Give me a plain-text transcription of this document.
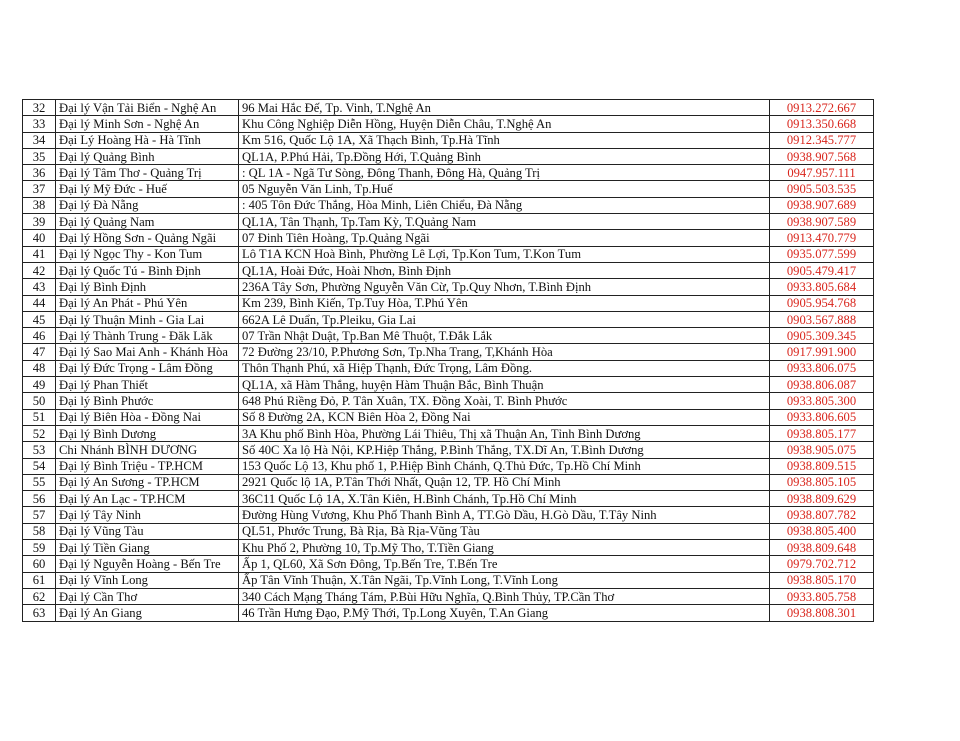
32	Đại lý Vận Tải Biển - Nghệ An	96 Mai Hắc Đế, Tp. Vinh, T.Nghệ An	0913.272.667
33	Đại lý Minh Sơn - Nghệ An	Khu Công Nghiệp Diễn Hồng, Huyện Diễn Châu, T.Nghệ An	0913.350.668
34	Đại Lý Hoàng Hà - Hà Tĩnh	Km 516, Quốc Lộ 1A, Xã Thạch Bình, Tp.Hà Tĩnh	0912.345.777
35	Đại lý Quảng Bình	QL1A, P.Phú Hải, Tp.Đồng Hới, T.Quảng Bình	0938.907.568
36	Đại lý Tâm Thơ - Quảng Trị	: QL 1A - Ngã Tư Sòng, Đông Thanh, Đông Hà, Quảng Trị	0947.957.111
37	Đại lý Mỹ Đức - Huế	05 Nguyễn Văn Linh, Tp.Huế	0905.503.535
38	Đại lý Đà Nẵng	: 405 Tôn Đức Thắng, Hòa Minh, Liên Chiểu, Đà Nẵng	0938.907.689
39	Đại lý Quảng Nam	QL1A, Tân Thạnh, Tp.Tam Kỳ, T.Quảng Nam	0938.907.589
40	Đại lý Hồng Sơn - Quảng Ngãi	07 Đinh Tiên Hoàng, Tp.Quảng Ngãi	0913.470.779
41	Đại lý Ngọc Thy - Kon Tum	Lô T1A KCN Hoà Bình, Phường Lê Lợi, Tp.Kon Tum, T.Kon Tum	0935.077.599
42	Đại lý Quốc Tú - Bình Định	QL1A, Hoài Đức, Hoài Nhơn, Bình Định	0905.479.417
43	Đại lý Bình Định	236A Tây Sơn, Phường Nguyễn Văn Cừ, Tp.Quy Nhơn, T.Bình Định	0933.805.684
44	Đại lý An Phát - Phú Yên	Km 239, Bình Kiến, Tp.Tuy Hòa, T.Phú Yên	0905.954.768
45	Đại lý Thuận Minh - Gia Lai	662A Lê Duẩn, Tp.Pleiku, Gia Lai	0903.567.888
46	Đại lý Thành Trung - Đăk Lăk	07 Trần Nhật Duật, Tp.Ban Mê Thuột, T.Đắk Lắk	0905.309.345
47	Đại lý Sao Mai Anh - Khánh Hòa	72 Đường 23/10, P.Phương Sơn, Tp.Nha Trang, T,Khánh Hòa	0917.991.900
48	Đại lý Đức Trọng - Lâm Đồng	Thôn Thạnh Phú, xã Hiệp Thạnh, Đức Trọng, Lâm Đồng.	0933.806.075
49	Đại lý Phan Thiết	QL1A, xã Hàm Thắng, huyện Hàm Thuận Bắc, Bình Thuận	0938.806.087
50	Đại lý Bình Phước	648 Phú Riềng Đỏ, P. Tân Xuân, TX. Đồng Xoài, T. Bình Phước	0933.805.300
51	Đại lý Biên Hòa - Đồng Nai	Số 8 Đường 2A, KCN Biên Hòa 2, Đồng Nai	0933.806.605
52	Đại lý Bình Dương	3A Khu phố Bình Hòa, Phường Lái Thiêu, Thị xã Thuận An, Tỉnh Bình Dương	0938.805.177
53	Chi Nhánh BÌNH DƯƠNG	Số 40C Xa lộ Hà Nội, KP.Hiệp Thắng, P.Bình Thắng, TX.Dĩ An, T.Bình Dương	0938.905.075
54	Đại lý Bình Triệu - TP.HCM	153 Quốc Lộ 13, Khu phố 1, P.Hiệp Bình Chánh, Q.Thủ Đức, Tp.Hồ Chí Minh	0938.809.515
55	Đại lý An Sương - TP.HCM	2921 Quốc lộ 1A, P.Tân Thới Nhất, Quận 12, TP. Hồ Chí Minh	0938.805.105
56	Đại lý An Lạc - TP.HCM	36C11 Quốc Lộ 1A, X.Tân Kiên, H.Bình Chánh, Tp.Hồ Chí Minh	0938.809.629
57	Đại lý Tây Ninh	Đường Hùng Vương, Khu Phố Thanh Bình A, TT.Gò Dầu, H.Gò Dầu, T.Tây Ninh	0938.807.782
58	Đại lý Vũng Tàu	QL51, Phước Trung, Bà Rịa, Bà Rịa-Vũng Tàu	0938.805.400
59	Đại lý Tiền Giang	Khu Phố 2, Phường 10, Tp.Mỹ Tho, T.Tiền Giang	0938.809.648
60	Đại lý Nguyễn Hoàng - Bến Tre	Ấp 1, QL60, Xã Sơn Đông, Tp.Bến Tre, T.Bến Tre	0979.702.712
61	Đại lý Vĩnh Long	Ấp Tân Vĩnh Thuận, X.Tân Ngãi, Tp.Vĩnh Long, T.Vĩnh Long	0938.805.170
62	Đại lý Cần Thơ	340 Cách Mạng Tháng Tám, P.Bùi Hữu Nghĩa, Q.Bình Thủy, TP.Cần Thơ	0933.805.758
63	Đại lý An Giang	46 Trần Hưng Đạo, P.Mỹ Thới, Tp.Long Xuyên, T.An Giang	0938.808.301
